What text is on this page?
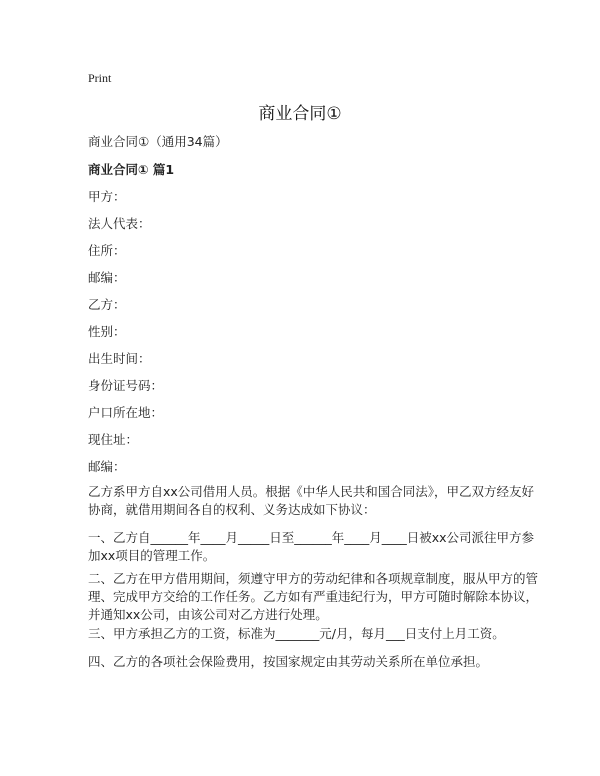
Print
商业合同①
商业合同①（通用34篇）
商业合同① 篇1
甲方：
法人代表：
住所：
邮编：
乙方：
性别：
出生时间：
身份证号码：
户口所在地：
现住址：
邮编：
乙方系甲方自xx公司借用人员。根据《中华人民共和国合同法》，甲乙双方经友好
协商，就借用期间各自的权利、义务达成如下协议：
一、乙方自______年____月_____日至______年____月____日被xx公司派往甲方参
加xx项目的管理工作。
二、乙方在甲方借用期间，须遵守甲方的劳动纪律和各项规章制度，服从甲方的管
理、完成甲方交给的工作任务。乙方如有严重违纪行为，甲方可随时解除本协议，
并通知xx公司，由该公司对乙方进行处理。
三、甲方承担乙方的工资，标准为_______元/月，每月___日支付上月工资。
四、乙方的各项社会保险费用，按国家规定由其劳动关系所在单位承担。
